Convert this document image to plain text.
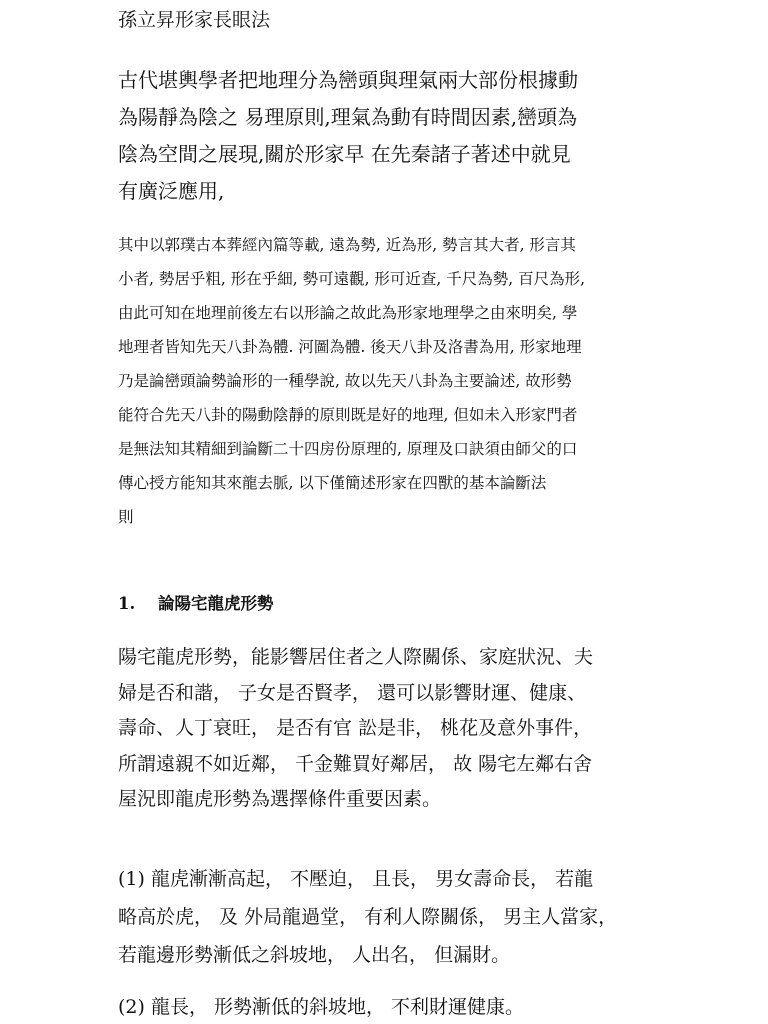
孫立昇形家長眼法

古代堪輿學者把地理分為巒頭與理氣兩大部份根據動
為陽靜為陰之 易理原則,理氣為動有時間因素,巒頭為
陰為空間之展現,關於形家早 在先秦諸子著述中就見
有廣泛應用,

其中以郭璞古本葬經內篇等載, 遠為勢, 近為形, 勢言其大者, 形言其
小者, 勢居乎粗, 形在乎細, 勢可遠觀, 形可近查, 千尺為勢, 百尺為形,
由此可知在地理前後左右以形論之故此為形家地理學之由來明矣, 學
地理者皆知先天八卦為體. 河圖為體. 後天八卦及洛書為用, 形家地理
乃是論巒頭論勢論形的一種學說, 故以先天八卦為主要論述, 故形勢
能符合先天八卦的陽動陰靜的原則既是好的地理, 但如未入形家門者
是無法知其精細到論斷二十四房份原理的, 原理及口訣須由師父的口
傳心授方能知其來龍去脈, 以下僅簡述形家在四獸的基本論斷法
則

1. 論陽宅龍虎形勢

陽宅龍虎形勢，能影響居住者之人際關係、家庭狀況、夫
婦是否和諧， 子女是否賢孝， 還可以影響財運、健康、
壽命、人丁衰旺， 是否有官 訟是非， 桃花及意外事件，
所謂遠親不如近鄰， 千金難買好鄰居， 故 陽宅左鄰右舍
屋況即龍虎形勢為選擇條件重要因素。

(1) 龍虎漸漸高起， 不壓迫， 且長， 男女壽命長， 若龍
略高於虎， 及 外局龍過堂， 有利人際關係， 男主人當家，
若龍邊形勢漸低之斜坡地， 人出名， 但漏財。

(2) 龍長， 形勢漸低的斜坡地， 不利財運健康。
